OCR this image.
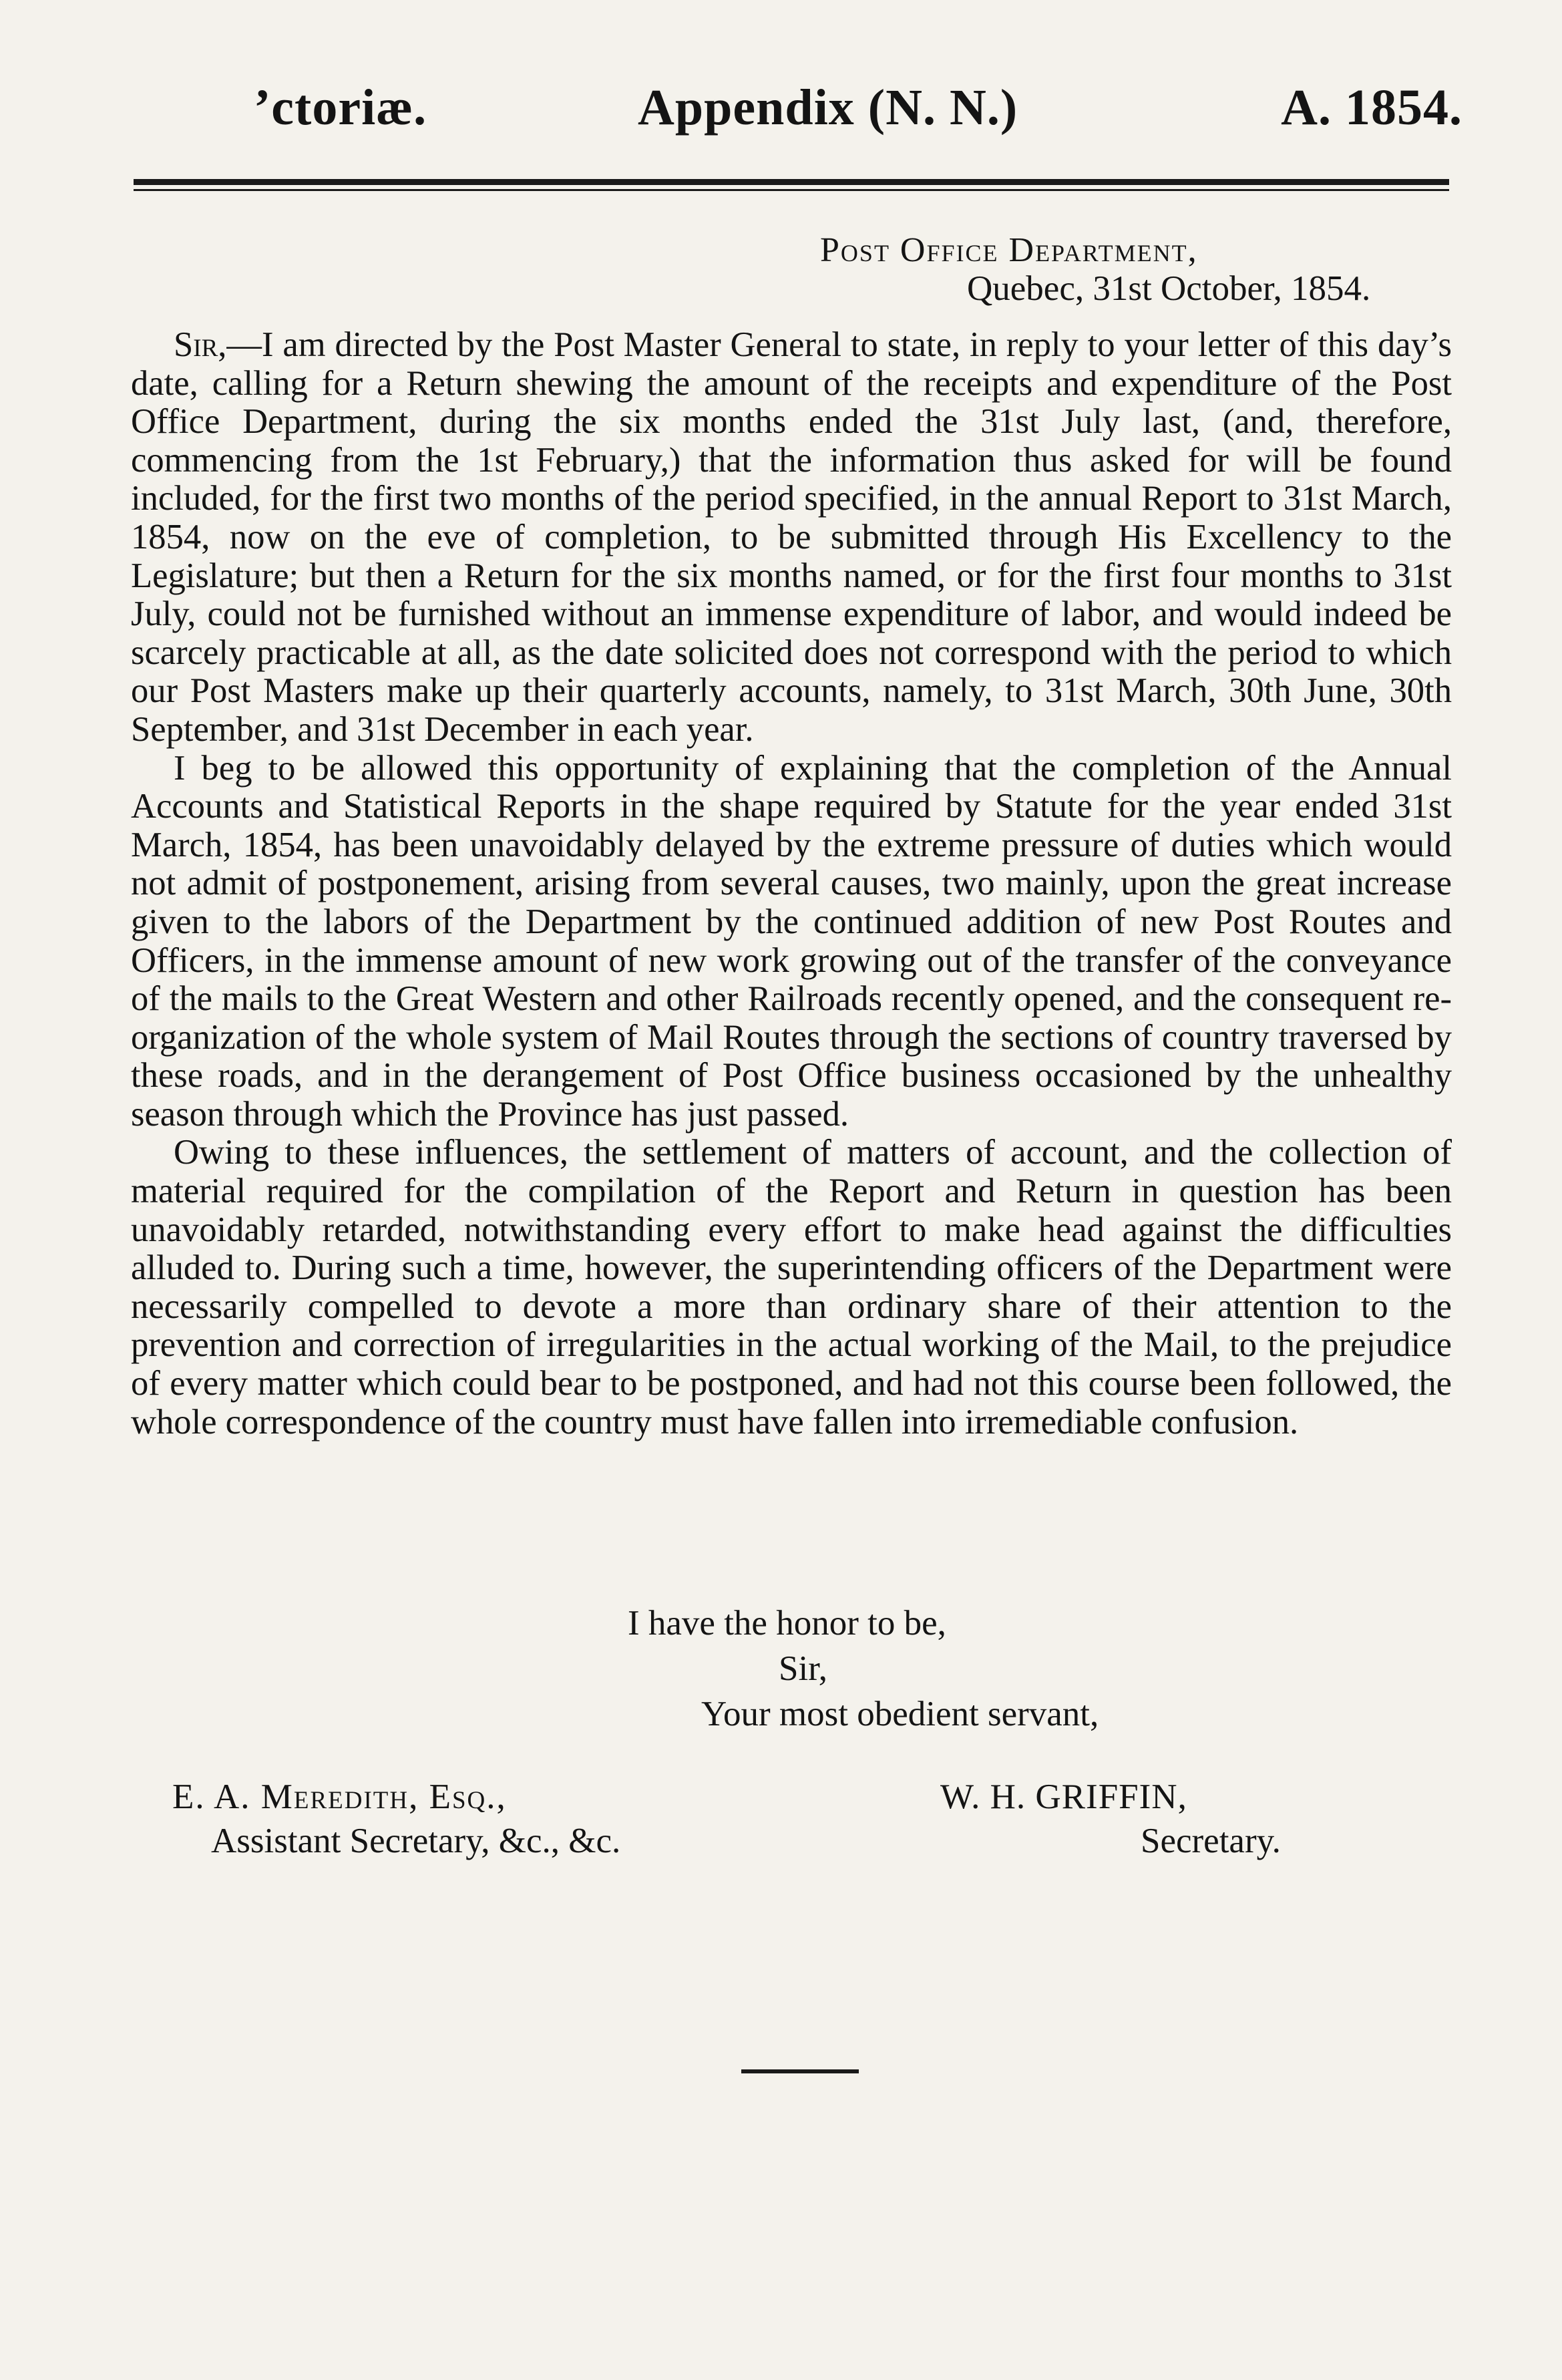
’ctoriæ.	Appendix (N. N.)	A. 1854.
Post Office Department,
Quebec, 31st October, 1854.

Sir,—I am directed by the Post Master General to state, in reply to your letter of this day’s date, calling for a Return shewing the amount of the receipts and expenditure of the Post Office Department, during the six months ended the 31st July last, (and, therefore, commencing from the 1st February,) that the information thus asked for will be found included, for the first two months of the period specified, in the annual Report to 31st March, 1854, now on the eve of completion, to be submitted through His Excellency to the Legislature; but then a Return for the six months named, or for the first four months to 31st July, could not be furnished without an immense expenditure of labor, and would indeed be scarcely practicable at all, as the date solicited does not correspond with the period to which our Post Masters make up their quarterly accounts, namely, to 31st March, 30th June, 30th September, and 31st December in each year.

I beg to be allowed this opportunity of explaining that the completion of the Annual Accounts and Statistical Reports in the shape required by Statute for the year ended 31st March, 1854, has been unavoidably delayed by the extreme pressure of duties which would not admit of postponement, arising from several causes, two mainly, upon the great increase given to the labors of the Department by the continued addition of new Post Routes and Officers, in the immense amount of new work growing out of the transfer of the conveyance of the mails to the Great Western and other Railroads recently opened, and the consequent re-organization of the whole system of Mail Routes through the sections of country traversed by these roads, and in the derangement of Post Office business occasioned by the unhealthy season through which the Province has just passed.

Owing to these influences, the settlement of matters of account, and the collection of material required for the compilation of the Report and Return in question has been unavoidably retarded, notwithstanding every effort to make head against the difficulties alluded to. During such a time, however, the superintending officers of the Department were necessarily compelled to devote a more than ordinary share of their attention to the prevention and correction of irregularities in the actual working of the Mail, to the prejudice of every matter which could bear to be postponed, and had not this course been followed, the whole correspondence of the country must have fallen into irremediable confusion.

I have the honor to be,
Sir,
Your most obedient servant,
E. A. Meredith, Esq.,
Assistant Secretary, &c., &c.
W. H. GRIFFIN,
Secretary.
